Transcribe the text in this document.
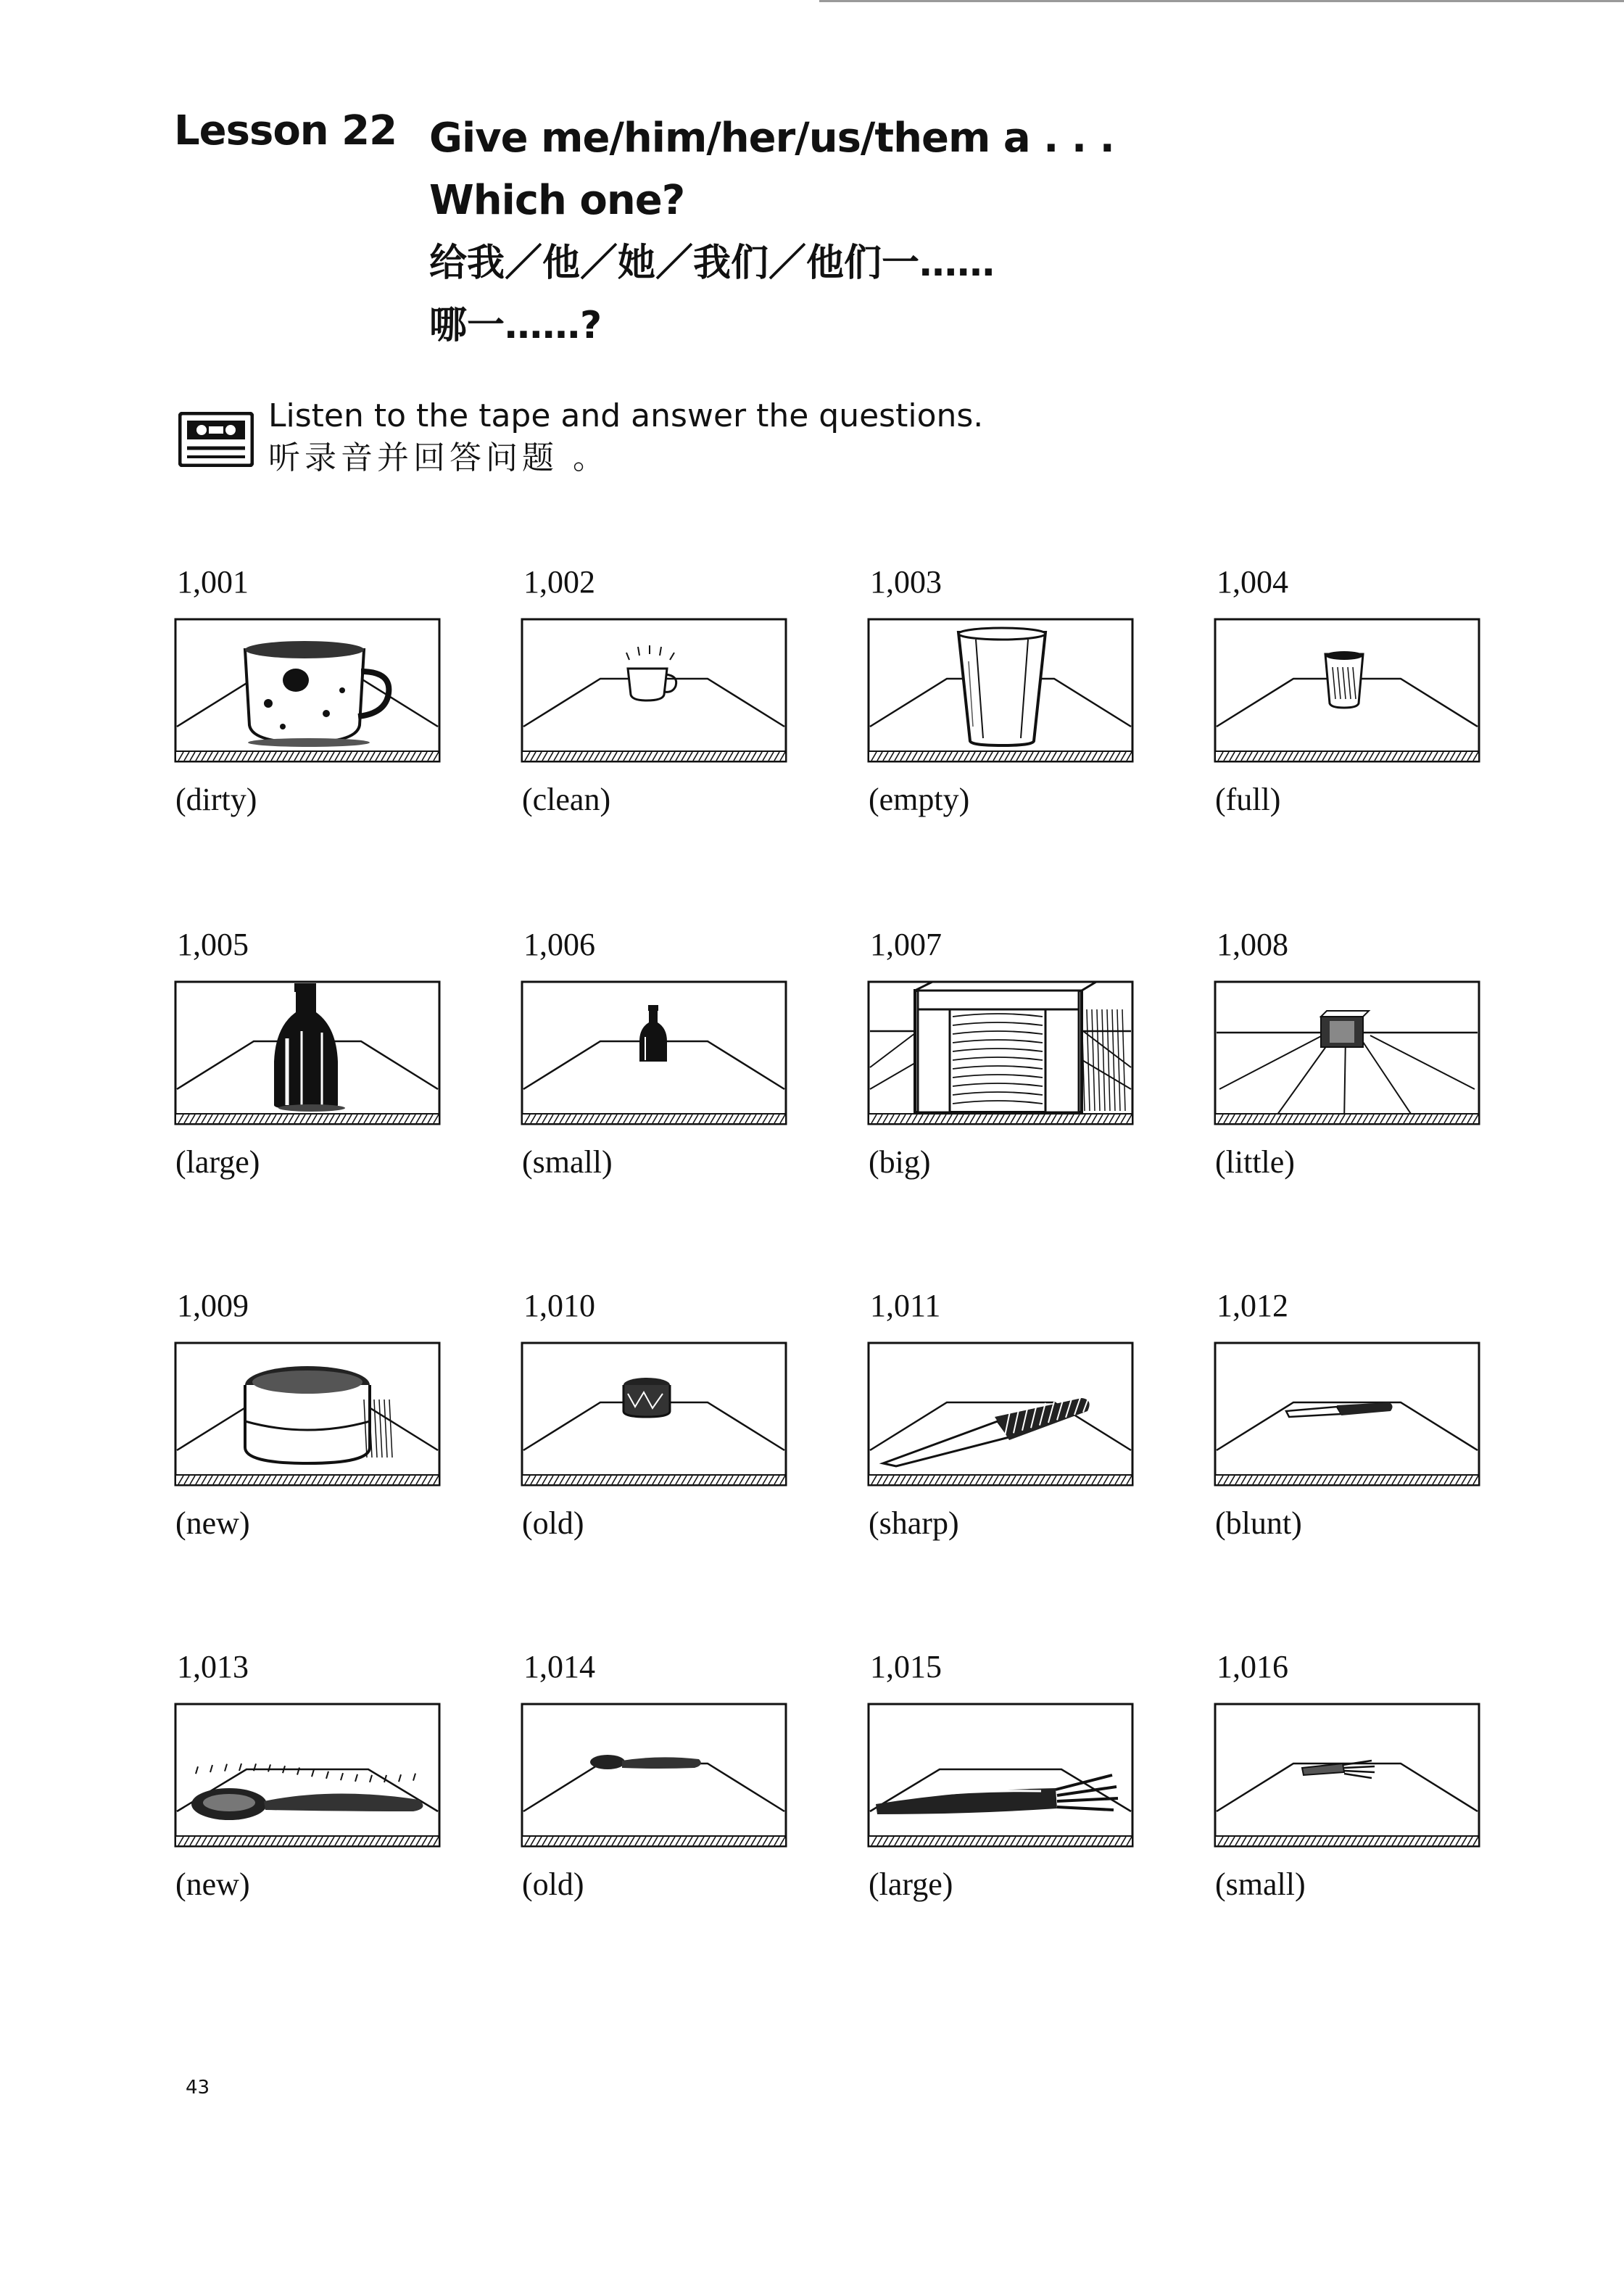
Lesson 22 Give me/him/her/us/them a . . .
Which one?
给我／他／她／我们／他们一……
哪一……?
Listen to the tape and answer the questions.
听录音并回答问题 。
1,001
(dirty)
1,002
(clean)
1,003
(empty)
1,004
(full)
1,005
(large)
1,006
(small)
1,007
(big)
1,008
(little)
1,009
(new)
1,010
(old)
1,011
(sharp)
1,012
(blunt)
1,013
(new)
1,014
(old)
1,015
(large)
1,016
(small)
43
